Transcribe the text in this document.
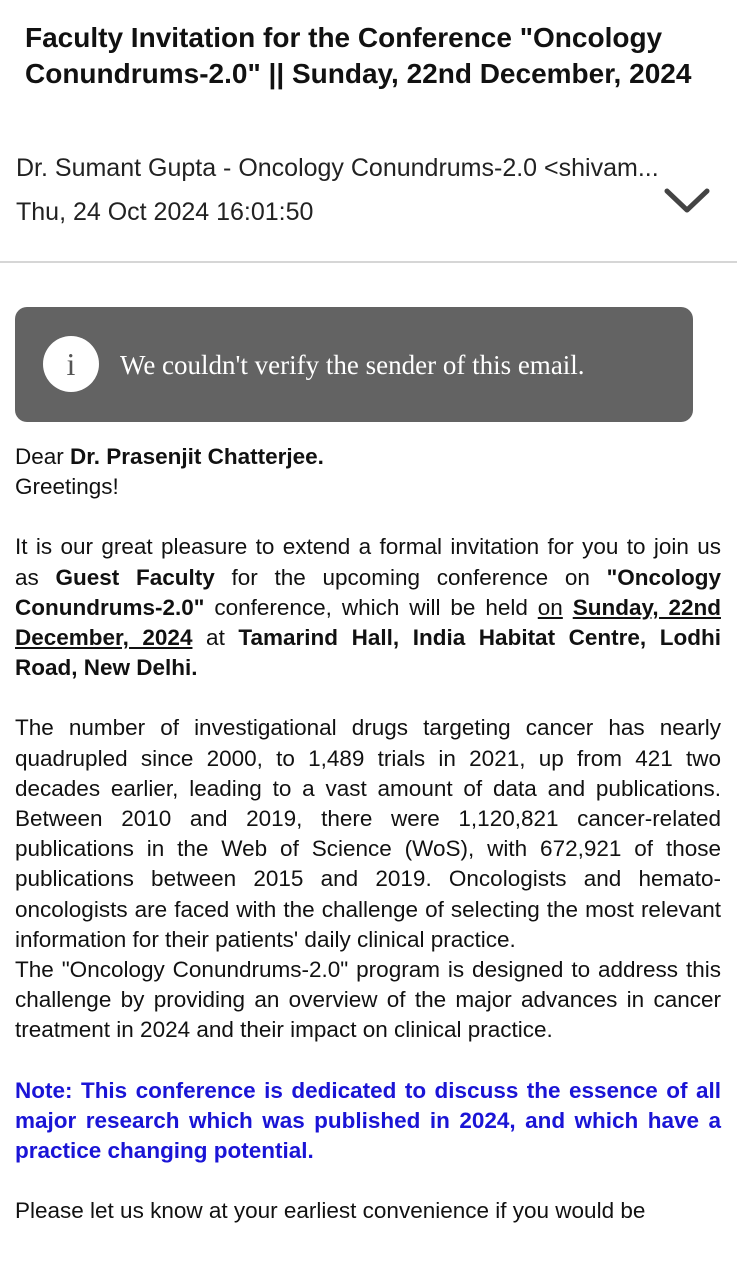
Faculty Invitation for the Conference "Oncology Conundrums-2.0" || Sunday, 22nd December, 2024
Dr. Sumant Gupta - Oncology Conundrums-2.0 <shivam...
Thu, 24 Oct 2024 16:01:50
i	We couldn't verify the sender of this email.
Dear Dr. Prasenjit Chatterjee.
Greetings!

It is our great pleasure to extend a formal invitation for you to join us as Guest Faculty for the upcoming conference on "Oncology Conundrums-2.0" conference, which will be held on Sunday, 22nd December, 2024 at Tamarind Hall, India Habitat Centre, Lodhi Road, New Delhi.

The number of investigational drugs targeting cancer has nearly quadrupled since 2000, to 1,489 trials in 2021, up from 421 two decades earlier, leading to a vast amount of data and publications. Between 2010 and 2019, there were 1,120,821 cancer-related publications in the Web of Science (WoS), with 672,921 of those publications between 2015 and 2019. Oncologists and hemato-oncologists are faced with the challenge of selecting the most relevant information for their patients' daily clinical practice.

The "Oncology Conundrums-2.0" program is designed to address this challenge by providing an overview of the major advances in cancer treatment in 2024 and their impact on clinical practice.

Note: This conference is dedicated to discuss the essence of all major research which was published in 2024, and which have a practice changing potential.

Please let us know at your earliest convenience if you would be
